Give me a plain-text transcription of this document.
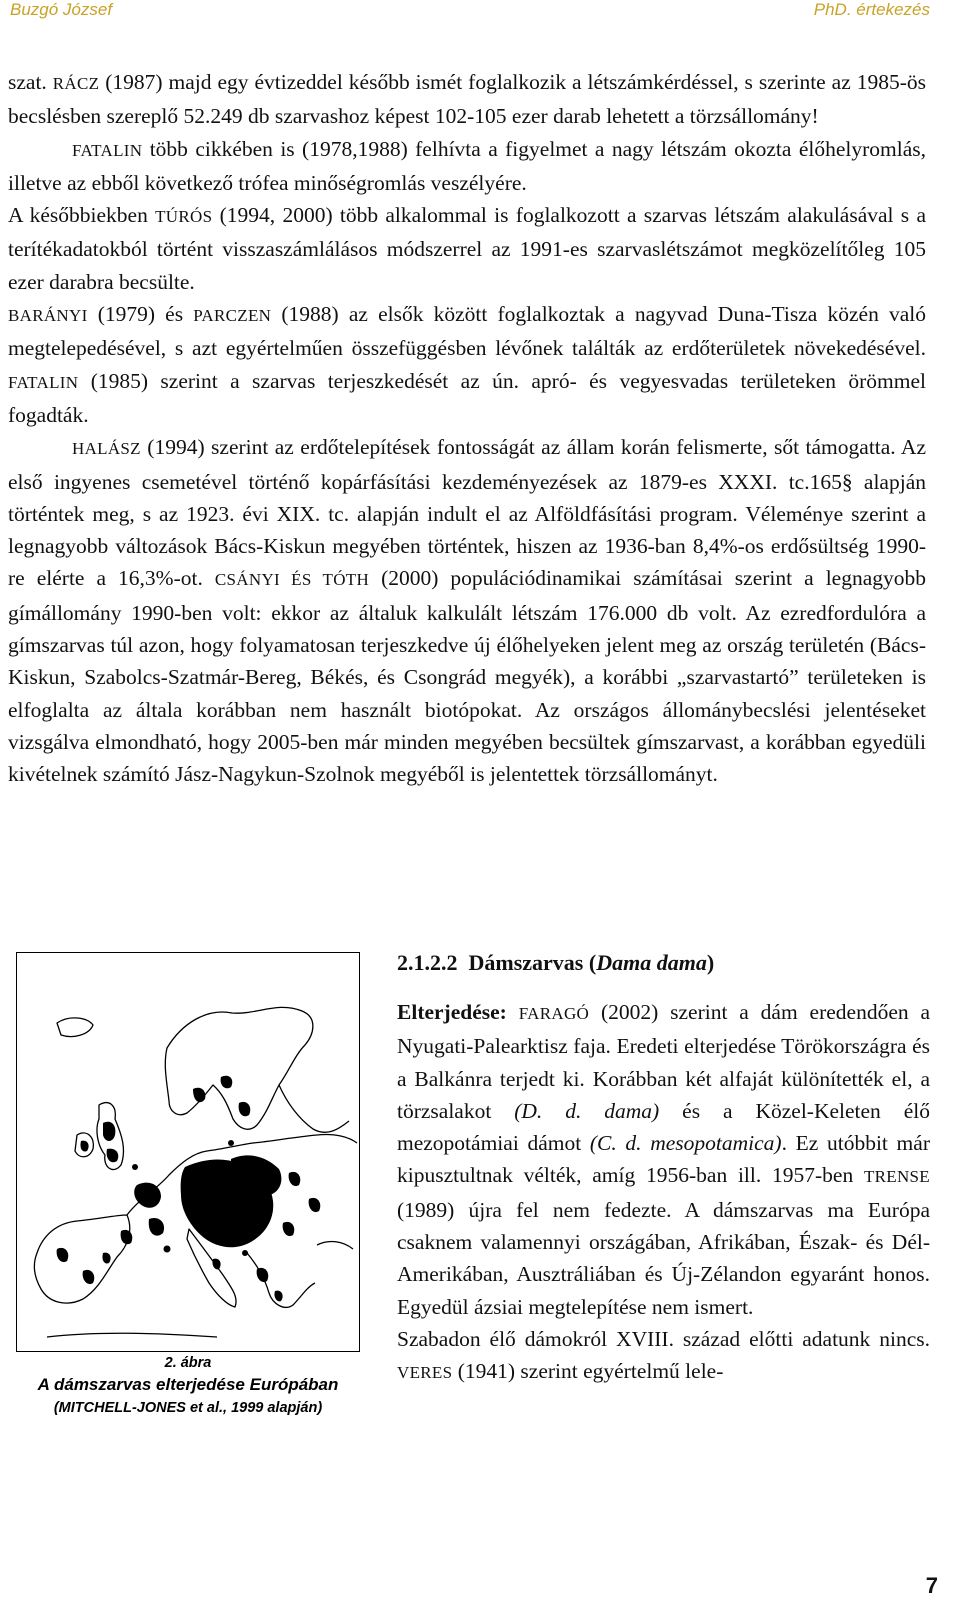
Buzgó József	PhD. értekezés

szat. RÁCZ (1987) majd egy évtizeddel később ismét foglalkozik a létszámkérdéssel, s szerinte az 1985-ös becslésben szereplő 52.249 db szarvashoz képest 102-105 ezer darab lehetett a törzsállomány!

FATALIN több cikkében is (1978,1988) felhívta a figyelmet a nagy létszám okozta élőhelyromlás, illetve az ebből következő trófea minőségromlás veszélyére.

A későbbiekben TÚRÓS (1994, 2000) több alkalommal is foglalkozott a szarvas létszám alakulásával s a terítékadatokból történt visszaszámlálásos módszerrel az 1991-es szarvaslétszámot megközelítőleg 105 ezer darabra becsülte.

BARÁNYI (1979) és PARCZEN (1988) az elsők között foglalkoztak a nagyvad Duna-Tisza közén való megtelepedésével, s azt egyértelműen összefüggésben lévőnek találták az erdőterületek növekedésével. FATALIN (1985) szerint a szarvas terjeszkedését az ún. apró- és vegyesvadas területeken örömmel fogadták.

HALÁSZ (1994) szerint az erdőtelepítések fontosságát az állam korán felismerte, sőt támogatta. Az első ingyenes csemetével történő kopárfásítási kezdeményezések az 1879-es XXXI. tc.165§ alapján történtek meg, s az 1923. évi XIX. tc. alapján indult el az Alföldfásítási program. Véleménye szerint a legnagyobb változások Bács-Kiskun megyében történtek, hiszen az 1936-ban 8,4%-os erdősültség 1990-re elérte a 16,3%-ot. CSÁNYI ÉS TÓTH (2000) populációdinamikai számításai szerint a legnagyobb gímállomány 1990-ben volt: ekkor az általuk kalkulált létszám 176.000 db volt. Az ezredfordulóra a gímszarvas túl azon, hogy folyamatosan terjeszkedve új élőhelyeken jelent meg az ország területén (Bács-Kiskun, Szabolcs-Szatmár-Bereg, Békés, és Csongrád megyék), a korábbi „szarvastartó” területeken is elfoglalta az általa korábban nem használt biotópokat. Az országos állománybecslési jelentéseket vizsgálva elmondható, hogy 2005-ben már minden megyében becsültek gímszarvast, a korábban egyedüli kivételnek számító Jász-Nagykun-Szolnok megyéből is jelentettek törzsállományt.

2. ábra
A dámszarvas elterjedése Európában
(MITCHELL-JONES et al., 1999 alapján)
2.1.2.2 Dámszarvas (Dama dama)

Elterjedése: FARAGÓ (2002) szerint a dám eredendően a Nyugati-Palearktisz faja. Eredeti elterjedése Törökországra és a Balkánra terjedt ki. Korábban két alfaját különítették el, a törzsalakot (D. d. dama) és a Közel-Keleten élő mezopotámiai dámot (C. d. mesopotamica). Ez utóbbit már kipusztultnak vélték, amíg 1956-ban ill. 1957-ben TRENSE (1989) újra fel nem fedezte. A dámszarvas ma Európa csaknem valamennyi országában, Afrikában, Észak- és Dél-Amerikában, Ausztráliában és Új-Zélandon egyaránt honos. Egyedül ázsiai megtelepítése nem ismert.

Szabadon élő dámokról XVIII. század előtti adatunk nincs. VERES (1941) szerint egyértelmű lele-

7
